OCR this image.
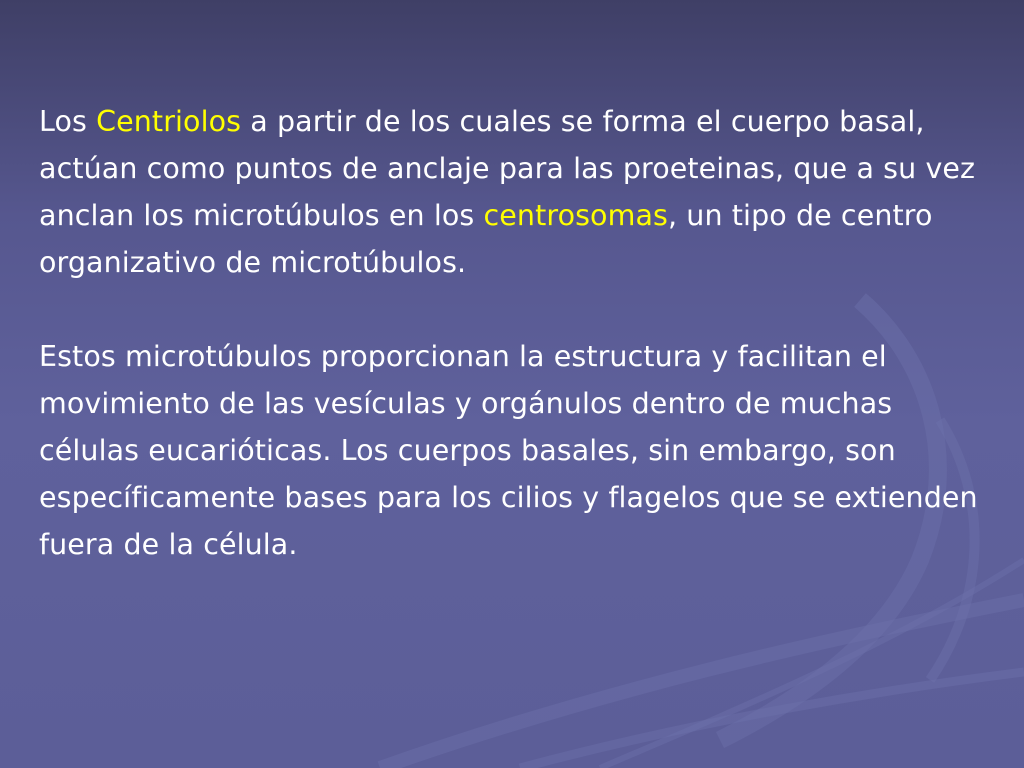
Los Centriolos a partir de los cuales se forma el cuerpo basal, actúan como puntos de anclaje para las proeteinas, que a su vez anclan los microtúbulos en los centrosomas, un tipo de centro organizativo de microtúbulos.

Estos microtúbulos proporcionan la estructura y facilitan el movimiento de las vesículas y orgánulos dentro de muchas células eucarióticas. Los cuerpos basales, sin embargo, son específicamente bases para los cilios y flagelos que se extienden fuera de la célula.
